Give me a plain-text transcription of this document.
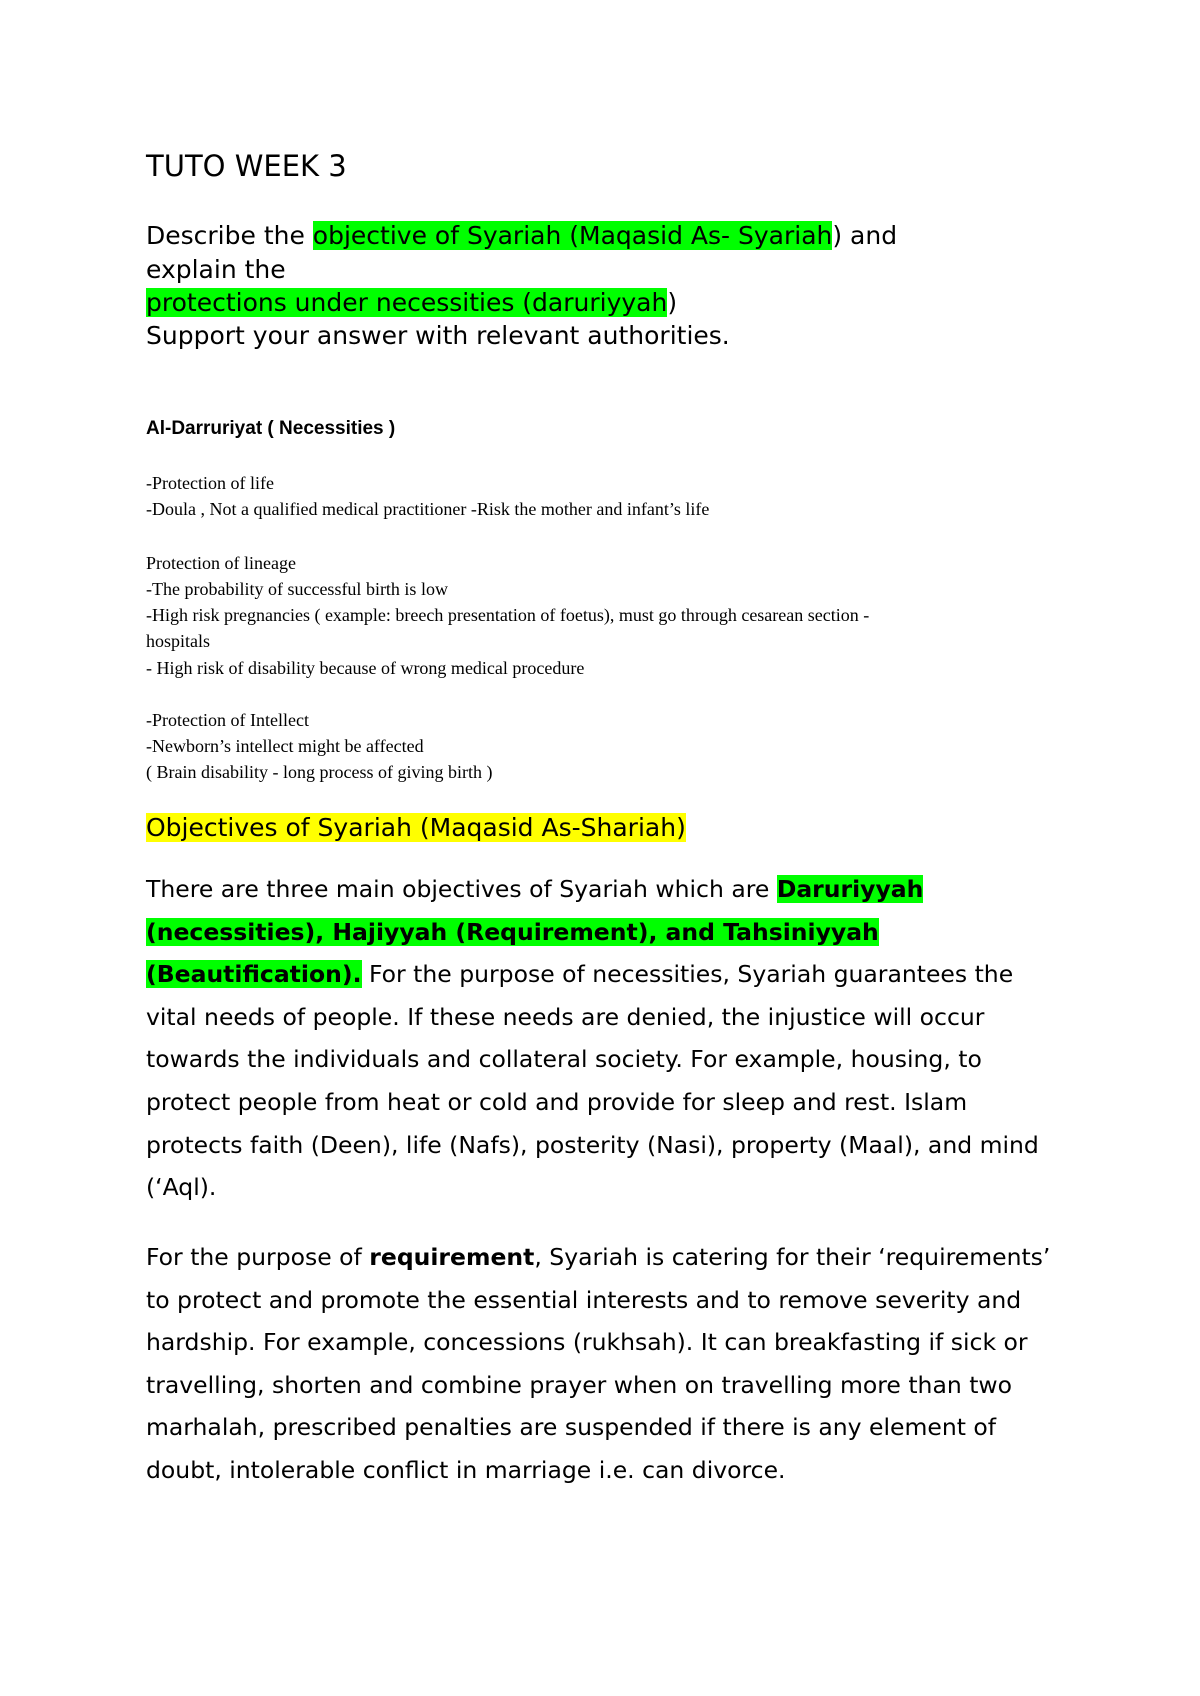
TUTO WEEK 3

Describe the objective of Syariah (Maqasid As- Syariah) and

explain the

protections under necessities (daruriyyah)

Support your answer with relevant authorities.

Al-Darruriyat ( Necessities )

-Protection of life

-Doula , Not a qualified medical practitioner -Risk the mother and infant’s life

Protection of lineage

-The probability of successful birth is low

-High risk pregnancies ( example: breech presentation of foetus), must go through cesarean section -

hospitals

- High risk of disability because of wrong medical procedure

-Protection of Intellect

-Newborn’s intellect might be affected

( Brain disability - long process of giving birth )

Objectives of Syariah (Maqasid As-Shariah)

There are three main objectives of Syariah which are Daruriyyah (necessities), Hajiyyah (Requirement), and Tahsiniyyah (Beautification). For the purpose of necessities, Syariah guarantees the vital needs of people. If these needs are denied, the injustice will occur towards the individuals and collateral society. For example, housing, to protect people from heat or cold and provide for sleep and rest. Islam protects faith (Deen), life (Nafs), posterity (Nasi), property (Maal), and mind (‘Aql).

For the purpose of requirement, Syariah is catering for their ‘requirements’ to protect and promote the essential interests and to remove severity and hardship. For example, concessions (rukhsah). It can breakfasting if sick or travelling, shorten and combine prayer when on travelling more than two marhalah, prescribed penalties are suspended if there is any element of doubt, intolerable conflict in marriage i.e. can divorce.
